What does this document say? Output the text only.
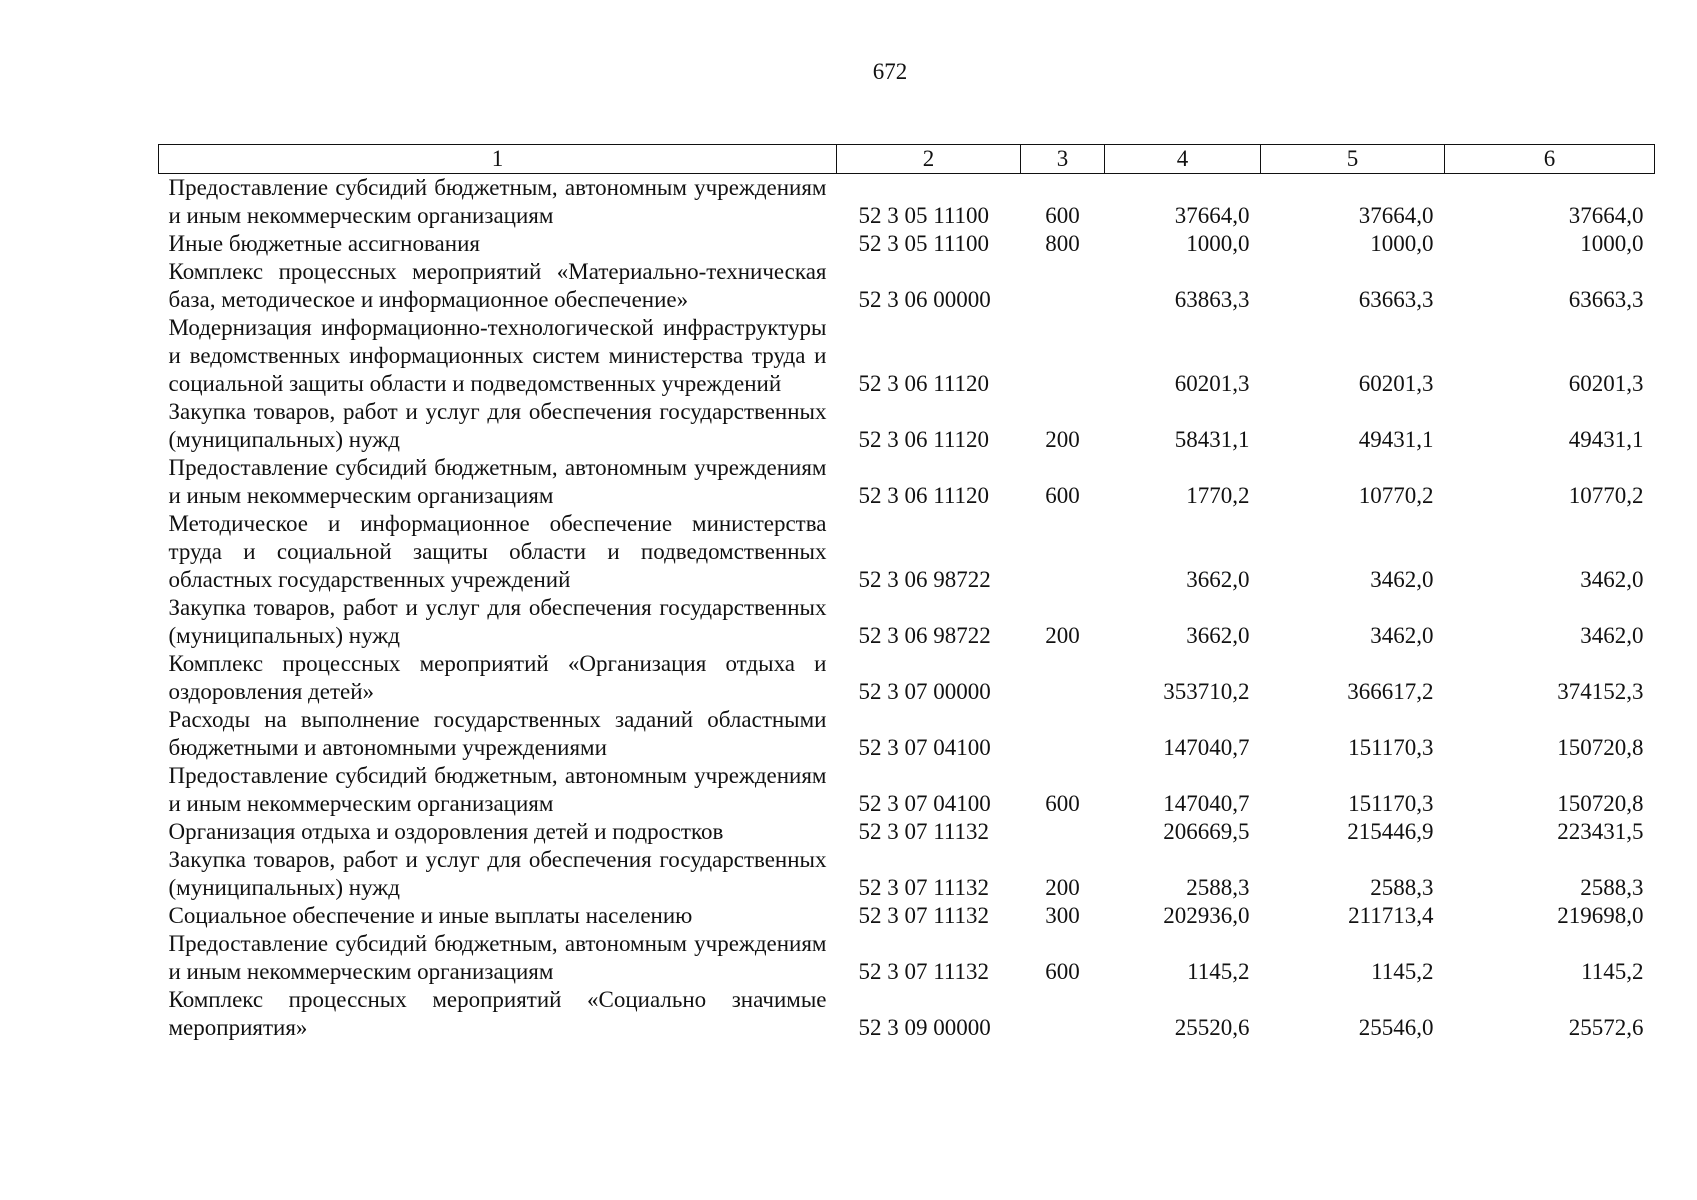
672
1	2	3	4	5	6
Предоставление субсидий бюджетным, автономным учреждениям и иным некоммерческим организациям	52 3 05 11100	600	37664,0	37664,0	37664,0
Иные бюджетные ассигнования	52 3 05 11100	800	1000,0	1000,0	1000,0
Комплекс процессных мероприятий «Материально-техническая база, методическое и информационное обеспечение»	52 3 06 00000		63863,3	63663,3	63663,3
Модернизация информационно-технологической инфраструктуры и ведомственных информационных систем министерства труда и социальной защиты области и подведомственных учреждений	52 3 06 11120		60201,3	60201,3	60201,3
Закупка товаров, работ и услуг для обеспечения государственных (муниципальных) нужд	52 3 06 11120	200	58431,1	49431,1	49431,1
Предоставление субсидий бюджетным, автономным учреждениям и иным некоммерческим организациям	52 3 06 11120	600	1770,2	10770,2	10770,2
Методическое и информационное обеспечение министерства труда и социальной защиты области и подведомственных областных государственных учреждений	52 3 06 98722		3662,0	3462,0	3462,0
Закупка товаров, работ и услуг для обеспечения государственных (муниципальных) нужд	52 3 06 98722	200	3662,0	3462,0	3462,0
Комплекс процессных мероприятий «Организация отдыха и оздоровления детей»	52 3 07 00000		353710,2	366617,2	374152,3
Расходы на выполнение государственных заданий областными бюджетными и автономными учреждениями	52 3 07 04100		147040,7	151170,3	150720,8
Предоставление субсидий бюджетным, автономным учреждениям и иным некоммерческим организациям	52 3 07 04100	600	147040,7	151170,3	150720,8
Организация отдыха и оздоровления детей и подростков	52 3 07 11132		206669,5	215446,9	223431,5
Закупка товаров, работ и услуг для обеспечения государственных (муниципальных) нужд	52 3 07 11132	200	2588,3	2588,3	2588,3
Социальное обеспечение и иные выплаты населению	52 3 07 11132	300	202936,0	211713,4	219698,0
Предоставление субсидий бюджетным, автономным учреждениям и иным некоммерческим организациям	52 3 07 11132	600	1145,2	1145,2	1145,2
Комплекс процессных мероприятий «Социально значимые мероприятия»	52 3 09 00000		25520,6	25546,0	25572,6
